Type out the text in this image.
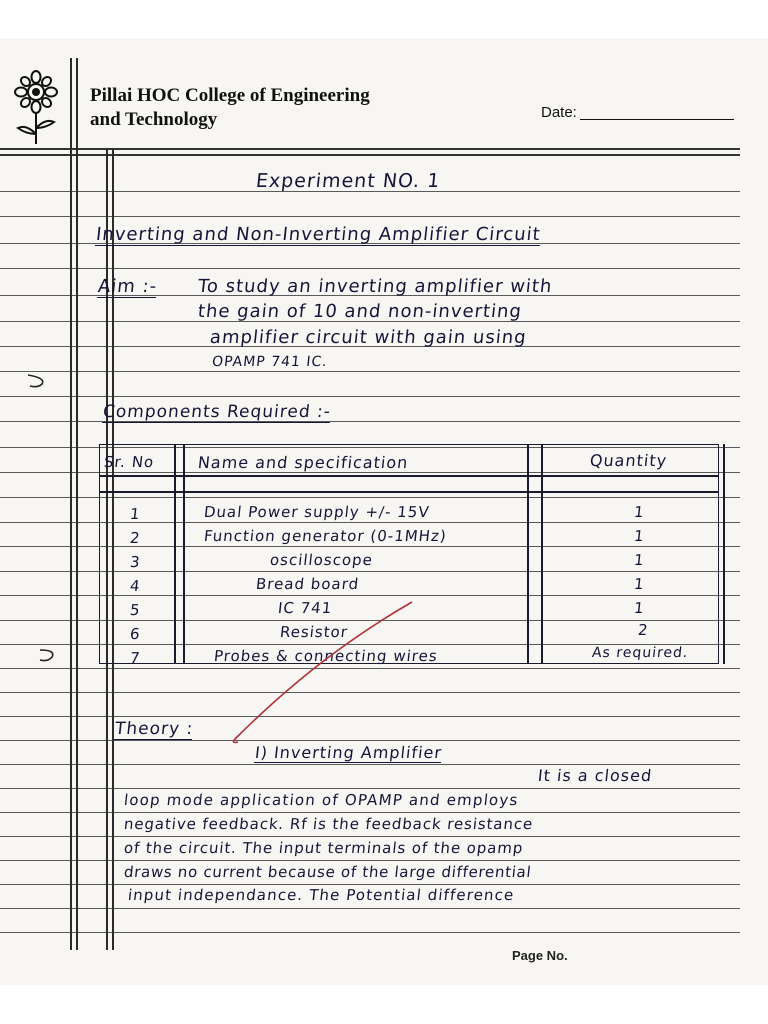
Pillai HOC College of Engineering
and Technology	Date:
Experiment NO. 1
Inverting and Non-Inverting Amplifier Circuit
Aim :- To study an inverting amplifier with
the gain of 10 and non-inverting
amplifier circuit with gain using
OPAMP 741 IC.
Components Required :-
Sr. No	Name and specification	Quantity
1	Dual Power supply +/- 15V	1
2	Function generator (0-1MHz)	1
3	oscilloscope	1
4	Bread board	1
5	IC 741	1
6	Resistor	2
7	Probes & connecting wires	As required.
Theory :
I) Inverting Amplifier
It is a closed
loop mode application of OPAMP and employs
negative feedback. Rf is the feedback resistance
of the circuit. The input terminals of the opamp
draws no current because of the large differential
input independance. The Potential difference
Page No.
